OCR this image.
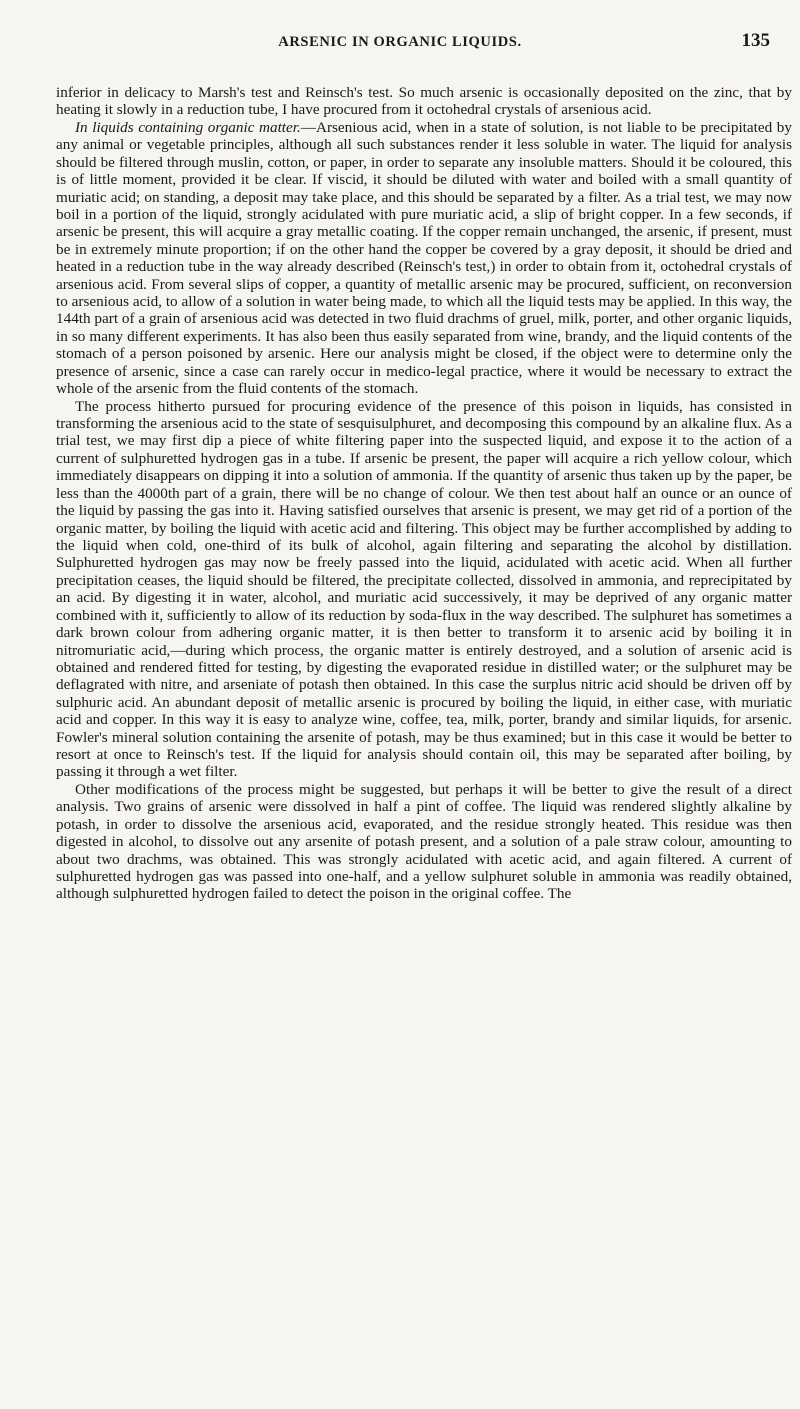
ARSENIC IN ORGANIC LIQUIDS.	135

inferior in delicacy to Marsh's test and Reinsch's test. So much arsenic is occasionally deposited on the zinc, that by heating it slowly in a reduction tube, I have procured from it octohedral crystals of arsenious acid.

In liquids containing organic matter.—Arsenious acid, when in a state of solution, is not liable to be precipitated by any animal or vegetable principles, although all such substances render it less soluble in water. The liquid for analysis should be filtered through muslin, cotton, or paper, in order to separate any insoluble matters. Should it be coloured, this is of little moment, provided it be clear. If viscid, it should be diluted with water and boiled with a small quantity of muriatic acid; on standing, a deposit may take place, and this should be separated by a filter. As a trial test, we may now boil in a portion of the liquid, strongly acidulated with pure muriatic acid, a slip of bright copper. In a few seconds, if arsenic be present, this will acquire a gray metallic coating. If the copper remain unchanged, the arsenic, if present, must be in extremely minute proportion; if on the other hand the copper be covered by a gray deposit, it should be dried and heated in a reduction tube in the way already described (Reinsch's test,) in order to obtain from it, octohedral crystals of arsenious acid. From several slips of copper, a quantity of metallic arsenic may be procured, sufficient, on reconversion to arsenious acid, to allow of a solution in water being made, to which all the liquid tests may be applied. In this way, the 144th part of a grain of arsenious acid was detected in two fluid drachms of gruel, milk, porter, and other organic liquids, in so many different experiments. It has also been thus easily separated from wine, brandy, and the liquid contents of the stomach of a person poisoned by arsenic. Here our analysis might be closed, if the object were to determine only the presence of arsenic, since a case can rarely occur in medico-legal practice, where it would be necessary to extract the whole of the arsenic from the fluid contents of the stomach.

The process hitherto pursued for procuring evidence of the presence of this poison in liquids, has consisted in transforming the arsenious acid to the state of sesquisulphuret, and decomposing this compound by an alkaline flux. As a trial test, we may first dip a piece of white filtering paper into the suspected liquid, and expose it to the action of a current of sulphuretted hydrogen gas in a tube. If arsenic be present, the paper will acquire a rich yellow colour, which immediately disappears on dipping it into a solution of ammonia. If the quantity of arsenic thus taken up by the paper, be less than the 4000th part of a grain, there will be no change of colour. We then test about half an ounce or an ounce of the liquid by passing the gas into it. Having satisfied ourselves that arsenic is present, we may get rid of a portion of the organic matter, by boiling the liquid with acetic acid and filtering. This object may be further accomplished by adding to the liquid when cold, one-third of its bulk of alcohol, again filtering and separating the alcohol by distillation. Sulphuretted hydrogen gas may now be freely passed into the liquid, acidulated with acetic acid. When all further precipitation ceases, the liquid should be filtered, the precipitate collected, dissolved in ammonia, and reprecipitated by an acid. By digesting it in water, alcohol, and muriatic acid successively, it may be deprived of any organic matter combined with it, sufficiently to allow of its reduction by soda-flux in the way described. The sulphuret has sometimes a dark brown colour from adhering organic matter, it is then better to transform it to arsenic acid by boiling it in nitromuriatic acid,—during which process, the organic matter is entirely destroyed, and a solution of arsenic acid is obtained and rendered fitted for testing, by digesting the evaporated residue in distilled water; or the sulphuret may be deflagrated with nitre, and arseniate of potash then obtained. In this case the surplus nitric acid should be driven off by sulphuric acid. An abundant deposit of metallic arsenic is procured by boiling the liquid, in either case, with muriatic acid and copper. In this way it is easy to analyze wine, coffee, tea, milk, porter, brandy and similar liquids, for arsenic. Fowler's mineral solution containing the arsenite of potash, may be thus examined; but in this case it would be better to resort at once to Reinsch's test. If the liquid for analysis should contain oil, this may be separated after boiling, by passing it through a wet filter.

Other modifications of the process might be suggested, but perhaps it will be better to give the result of a direct analysis. Two grains of arsenic were dissolved in half a pint of coffee. The liquid was rendered slightly alkaline by potash, in order to dissolve the arsenious acid, evaporated, and the residue strongly heated. This residue was then digested in alcohol, to dissolve out any arsenite of potash present, and a solution of a pale straw colour, amounting to about two drachms, was obtained. This was strongly acidulated with acetic acid, and again filtered. A current of sulphuretted hydrogen gas was passed into one-half, and a yellow sulphuret soluble in ammonia was readily obtained, although sulphuretted hydrogen failed to detect the poison in the original coffee. The
